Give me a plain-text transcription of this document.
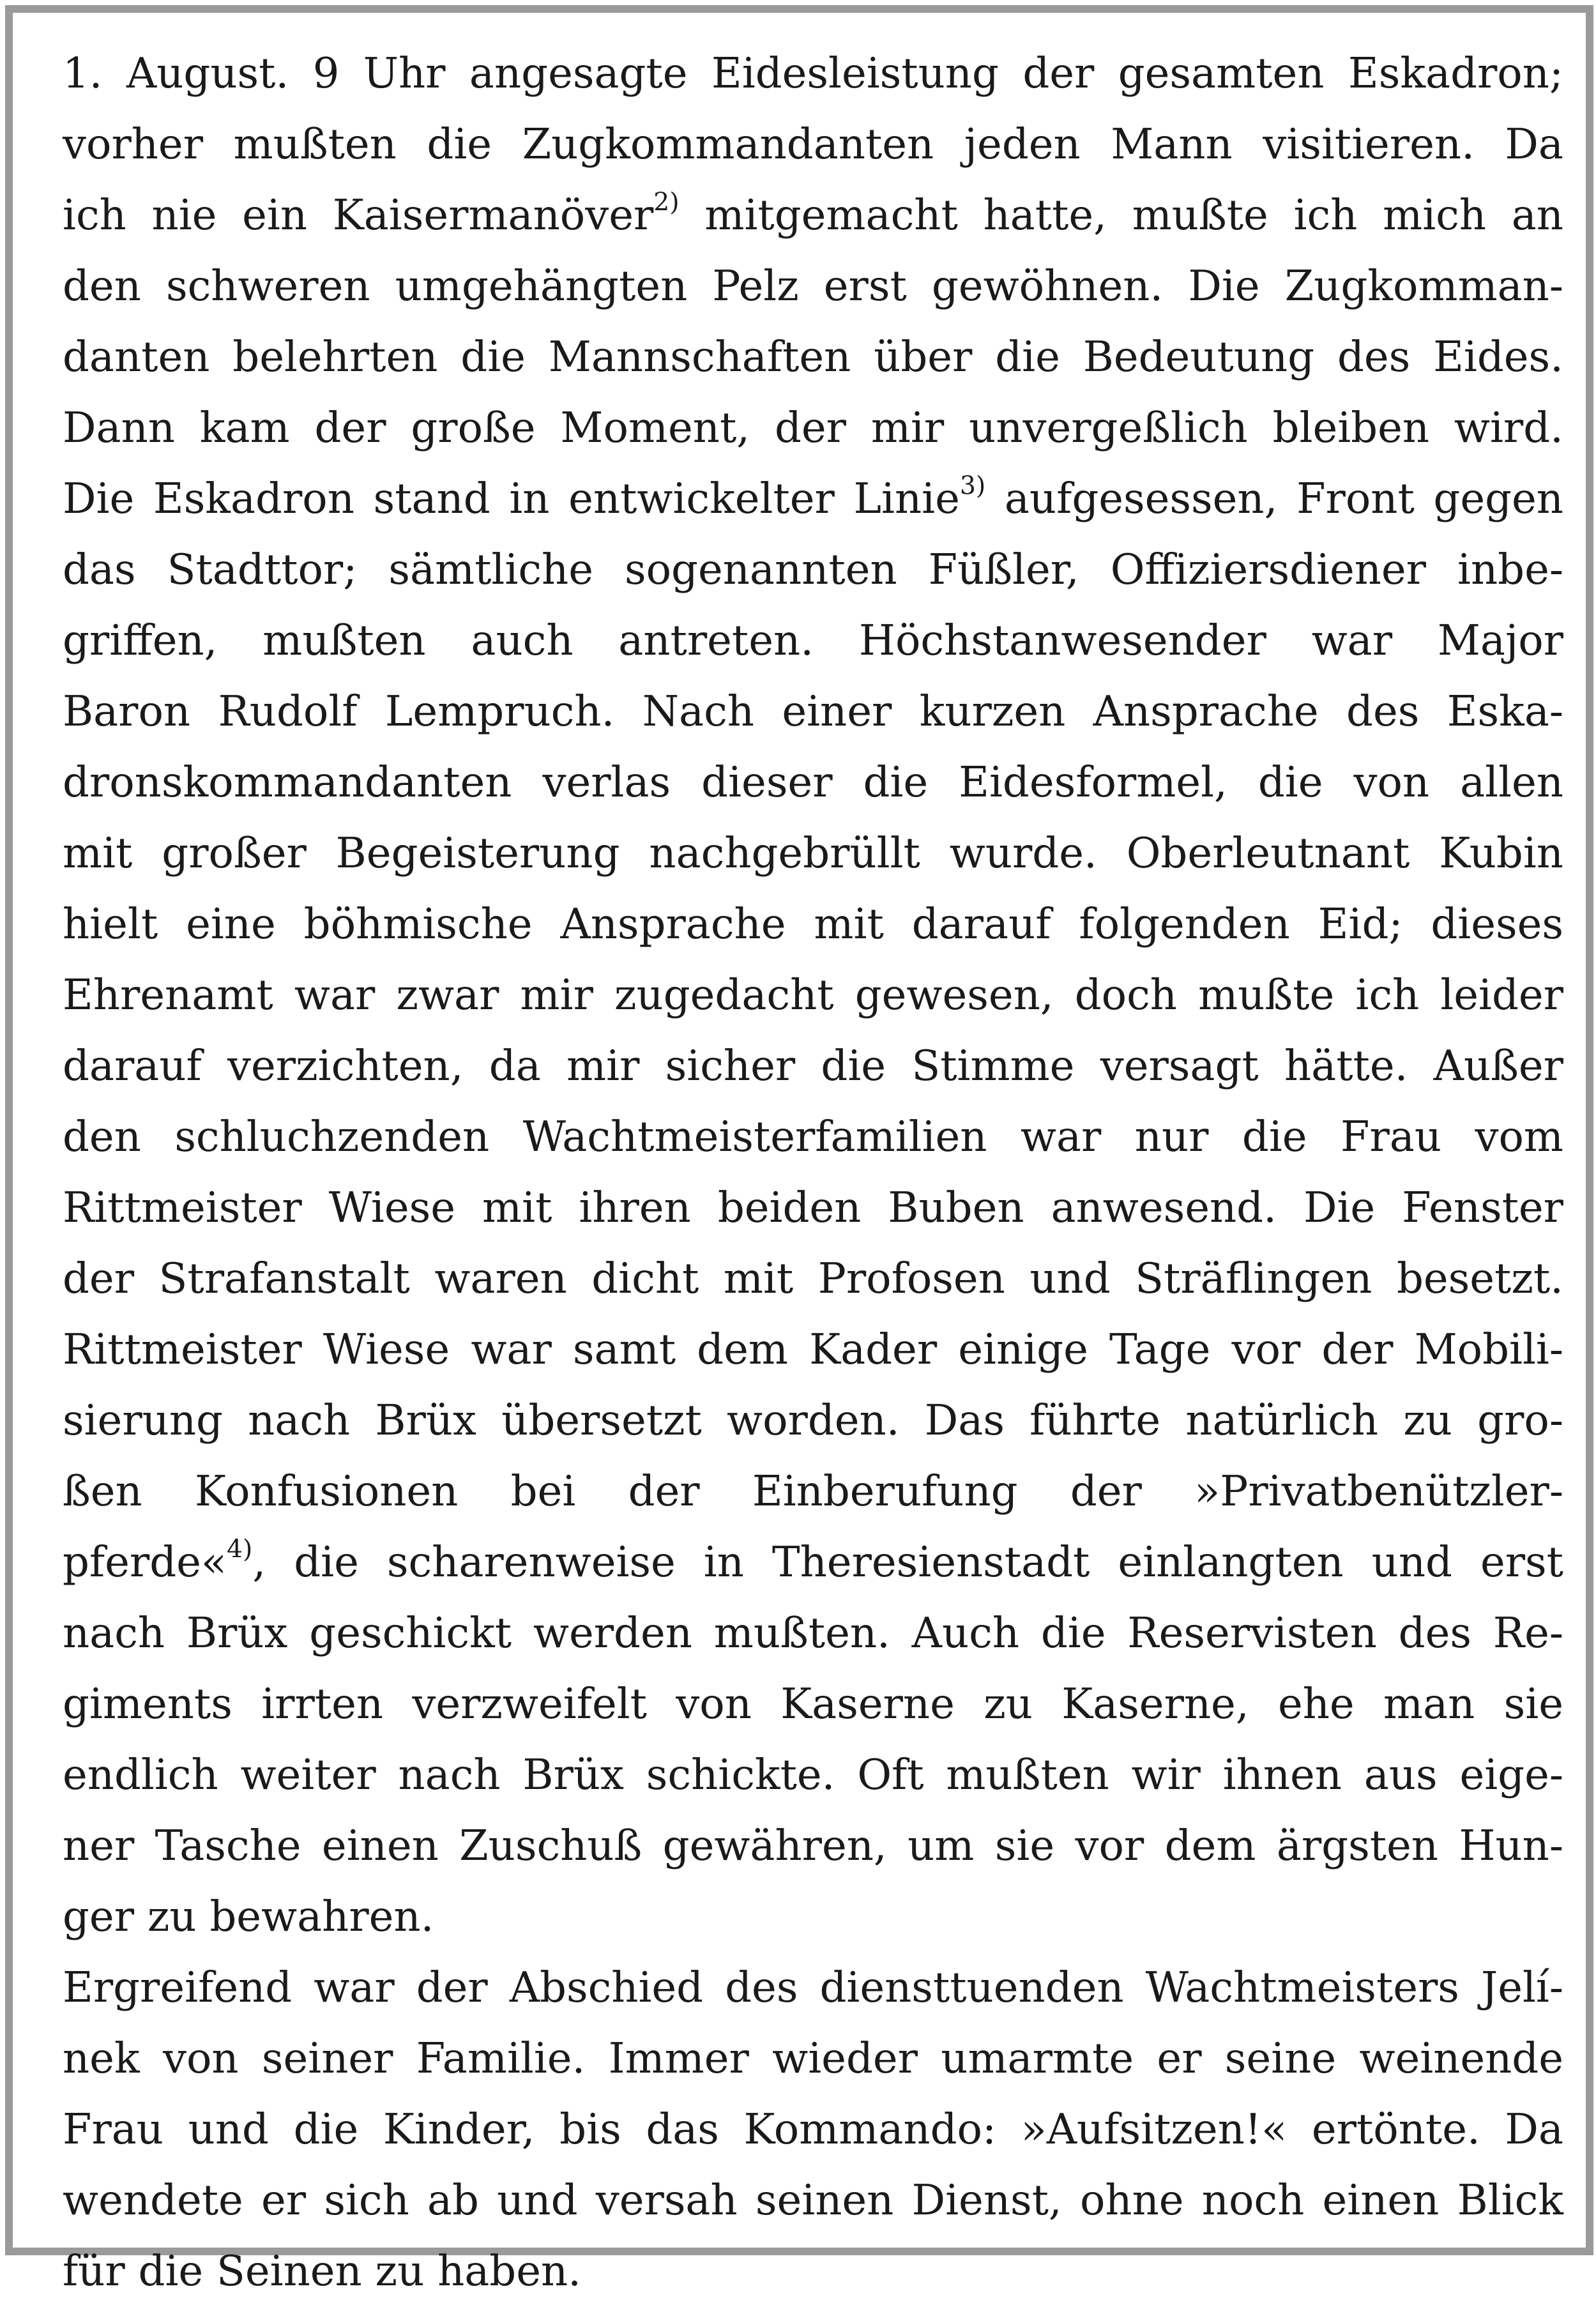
1. August. 9 Uhr angesagte Eidesleistung der gesamten Eskadron;
vorher mußten die Zugkommandanten jeden Mann visitieren. Da
ich nie ein Kaisermanöver$^{2)}$ mitgemacht hatte, mußte ich mich an
den schweren umgehängten Pelz erst gewöhnen. Die Zugkomman-
danten belehrten die Mannschaften über die Bedeutung des Eides.
Dann kam der große Moment, der mir unvergeßlich bleiben wird.
Die Eskadron stand in entwickelter Linie$^{3)}$ aufgesessen, Front gegen
das Stadttor; sämtliche sogenannten Füßler, Offiziersdiener inbe-
griffen, mußten auch antreten. Höchstanwesender war Major
Baron Rudolf Lempruch. Nach einer kurzen Ansprache des Eska-
dronskommandanten verlas dieser die Eidesformel, die von allen
mit großer Begeisterung nachgebrüllt wurde. Oberleutnant Kubin
hielt eine böhmische Ansprache mit darauf folgenden Eid; dieses
Ehrenamt war zwar mir zugedacht gewesen, doch mußte ich leider
darauf verzichten, da mir sicher die Stimme versagt hätte. Außer
den schluchzenden Wachtmeisterfamilien war nur die Frau vom
Rittmeister Wiese mit ihren beiden Buben anwesend. Die Fenster
der Strafanstalt waren dicht mit Profosen und Sträflingen besetzt.
Rittmeister Wiese war samt dem Kader einige Tage vor der Mobili-
sierung nach Brüx übersetzt worden. Das führte natürlich zu gro-
ßen Konfusionen bei der Einberufung der »Privatbenützler-
pferde«$^{4)}$, die scharenweise in Theresienstadt einlangten und erst
nach Brüx geschickt werden mußten. Auch die Reservisten des Re-
giments irrten verzweifelt von Kaserne zu Kaserne, ehe man sie
endlich weiter nach Brüx schickte. Oft mußten wir ihnen aus eige-
ner Tasche einen Zuschuß gewähren, um sie vor dem ärgsten Hun-
ger zu bewahren.
Ergreifend war der Abschied des diensttuenden Wachtmeisters Jelí-
nek von seiner Familie. Immer wieder umarmte er seine weinende
Frau und die Kinder, bis das Kommando: »Aufsitzen!« ertönte. Da
wendete er sich ab und versah seinen Dienst, ohne noch einen Blick
für die Seinen zu haben.
